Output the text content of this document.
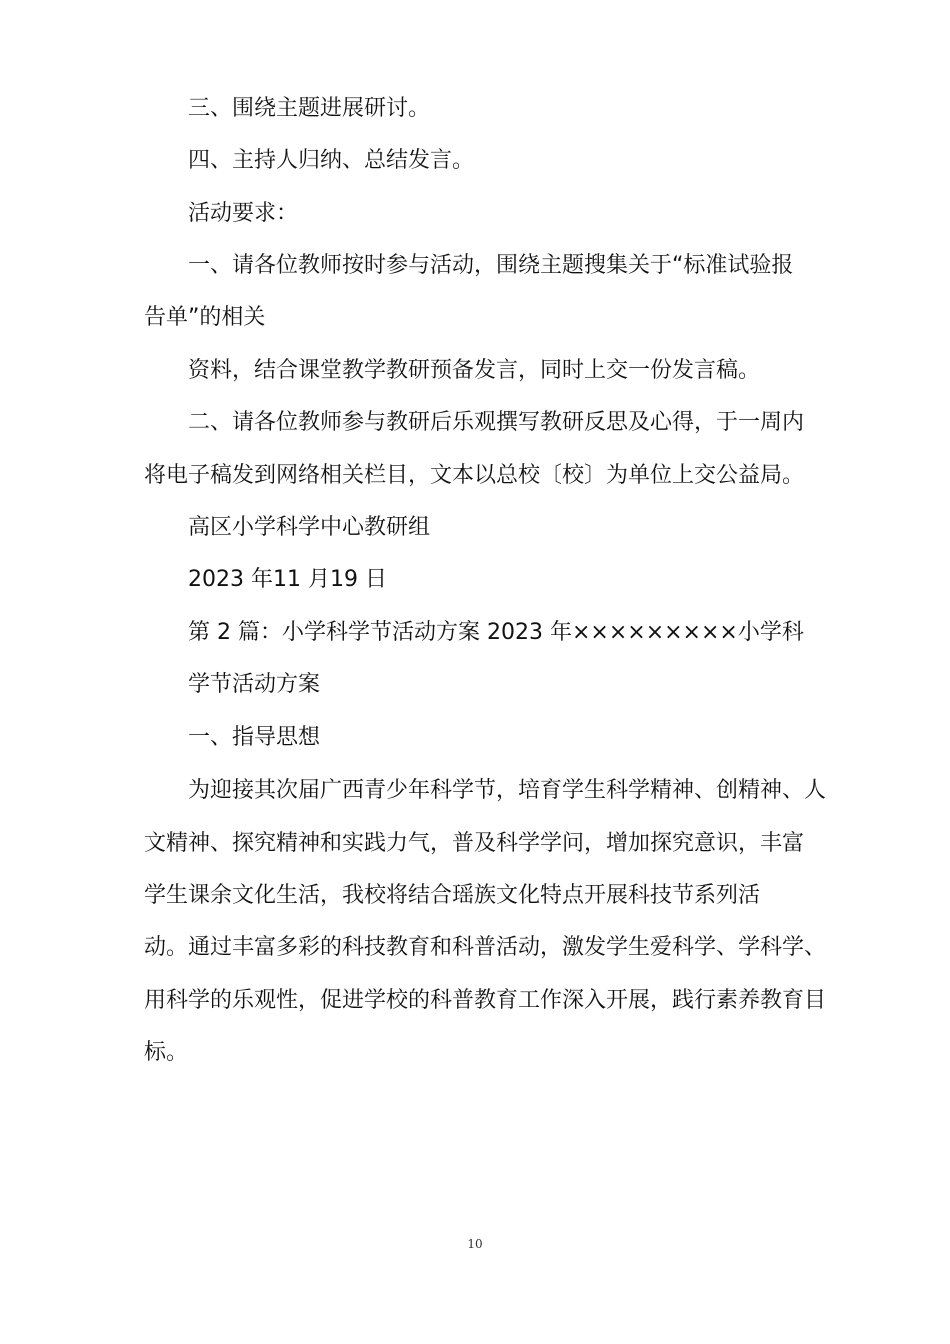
三、围绕主题进展研讨。
四、主持人归纳、总结发言。
活动要求：
一、请各位教师按时参与活动，围绕主题搜集关于“标准试验报
告单”的相关
资料，结合课堂教学教研预备发言，同时上交一份发言稿。
二、请各位教师参与教研后乐观撰写教研反思及心得，于一周内
将电子稿发到网络相关栏目，文本以总校〔校〕为单位上交公益局。
高区小学科学中心教研组
2023 年11 月19 日
第 2 篇：小学科学节活动方案 2023 年×××××××××小学科
学节活动方案
一、指导思想
为迎接其次届广西青少年科学节，培育学生科学精神、创精神、人
文精神、探究精神和实践力气，普及科学学问，增加探究意识，丰富
学生课余文化生活，我校将结合瑶族文化特点开展科技节系列活
动。通过丰富多彩的科技教育和科普活动，激发学生爱科学、学科学、
用科学的乐观性，促进学校的科普教育工作深入开展，践行素养教育目
标。
10
